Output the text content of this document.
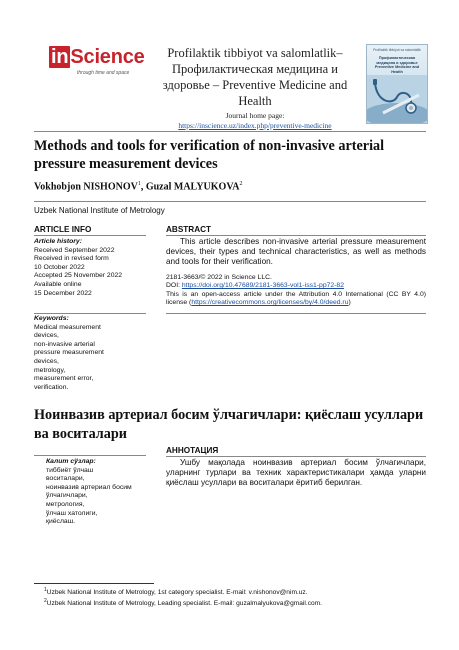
in Science
through time and space
Profilaktik tibbiyot va salomlatlik– Профилактическая медицина и здоровье – Preventive Medicine and Health
Journal home page:
https://inscience.uz/index.php/preventive-medicine
Profilaktik tibbiyot va salomlatlik
Профилактическая медицина и здоровье Preventive Medicine and Health
Methods and tools for verification of non-invasive arterial pressure measurement devices
Vokhobjon NISHONOV$^1$, Guzal MALYUKOVA$^2$
Uzbek National Institute of Metrology
ARTICLE INFO
Article history:
Received September 2022
Received in revised form
10 October 2022
Accepted 25 November 2022
Available online
15 December 2022
Keywords:
Medical measurement
devices,
non-invasive arterial
pressure measurement
devices,
metrology,
measurement error,
verification.
ABSTRACT
This article describes non-invasive arterial pressure measurement devices, their types and technical characteristics, as well as methods and tools for their verification.
2181-3663/© 2022 in Science LLC.
DOI: https://doi.org/10.47689/2181-3663-vol1-iss1-pp72-82
This is an open-access article under the Attribution 4.0 International (CC BY 4.0) license (https://creativecommons.org/licenses/by/4.0/deed.ru)
Ноинвазив артериал босим ўлчагичлари: қиёслаш усуллари ва воситалари
Калит сўзлар:
тиббиёт ўлчаш
воситалари,
ноинвазив артериал босим
ўлчагичлари,
метрология,
ўлчаш хатолиги,
қиёслаш.
АННОТАЦИЯ
Ушбу мақолада ноинвазив артериал босим ўлчагичлари, уларнинг турлари ва техник характеристикалари ҳамда уларни қиёслаш усуллари ва воситалари ёритиб берилган.
$^1$Uzbek National Institute of Metrology, 1st category specialist. E-mail: v.nishonov@nim.uz.
$^2$Uzbek National Institute of Metrology, Leading specialist. E-mail: guzalmalyukova@gmail.com.
